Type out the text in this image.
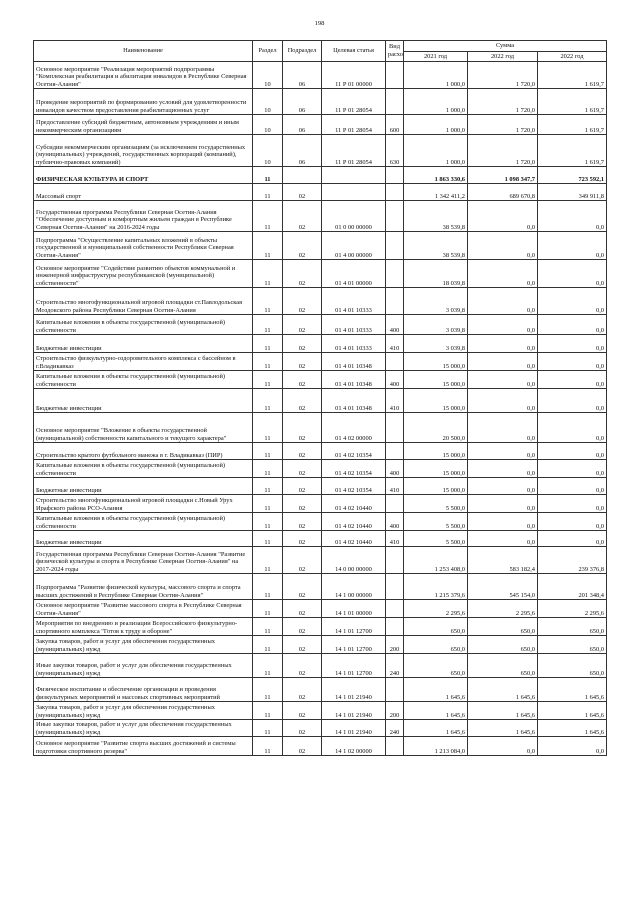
198
Наименование	Раздел	Подраздел	Целевая статья	Вид расхо	Сумма		
					2021 год	2022 год	2022 год
Основное мероприятие "Реализация мероприятий подпрограммы "Комплексная реабилитация и абилитация инвалидов в Республике Северная Осетия-Алания"	10	06	11 Р 01 00000		1 000,0	1 720,0	1 619,7
Проведение мероприятий по формированию условий для удовлетворенности инвалидов качеством предоставления реабилитационных услуг	10	06	11 Р 01 28054		1 000,0	1 720,0	1 619,7
Предоставление субсидий бюджетным, автономным учреждениям и иным некоммерческим организациям	10	06	11 Р 01 28054	600	1 000,0	1 720,0	1 619,7
Субсидии некоммерческим организациям (за исключением государственных (муниципальных) учреждений, государственных корпораций (компаний), публично-правовых компаний)	10	06	11 Р 01 28054	630	1 000,0	1 720,0	1 619,7
ФИЗИЧЕСКАЯ КУЛЬТУРА И СПОРТ	11				1 863 330,6	1 098 347,7	723 592,1
Массовый спорт	11	02			1 342 411,2	689 670,8	349 911,8
Государственная программа Республики Северная Осетия-Алания "Обеспечение доступным и комфортным жильем граждан в Республике Северная Осетия-Алания" на 2016-2024 годы	11	02	01 0 00 00000		38 539,8	0,0	0,0
Подпрограмма "Осуществление капитальных вложений в объекты государственной и муниципальной собственности Республики Северная Осетия-Алания"	11	02	01 4 00 00000		38 539,8	0,0	0,0
Основное мероприятие "Содействие развитию объектов коммунальной и инженерной инфраструктуры республиканской (муниципальной) собственности"	11	02	01 4 01 00000		18 039,8	0,0	0,0
Строительство многофункциональной игровой площадки ст.Павлодольская Моздокского района Республики Северная Осетия-Алания	11	02	01 4 01 10333		3 039,8	0,0	0,0
Капитальные вложения в объекты государственной (муниципальной) собственности	11	02	01 4 01 10333	400	3 039,8	0,0	0,0
Бюджетные инвестиции	11	02	01 4 01 10333	410	3 039,8	0,0	0,0
Строительство физкультурно-оздоровительного комплекса с бассейном в г.Владикавказ	11	02	01 4 01 10348		15 000,0	0,0	0,0
Капитальные вложения в объекты государственной (муниципальной) собственности	11	02	01 4 01 10348	400	15 000,0	0,0	0,0
Бюджетные инвестиции	11	02	01 4 01 10348	410	15 000,0	0,0	0,0
Основное мероприятие "Вложение в объекты государственной (муниципальной) собственности капитального и текущего характера"	11	02	01 4 02 00000		20 500,0	0,0	0,0
Строительство крытого футбольного манежа в г. Владикавказ (ПИР)	11	02	01 4 02 10354		15 000,0	0,0	0,0
Капитальные вложения в объекты государственной (муниципальной) собственности	11	02	01 4 02 10354	400	15 000,0	0,0	0,0
Бюджетные инвестиции	11	02	01 4 02 10354	410	15 000,0	0,0	0,0
Строительство многофункциональной игровой площадки с.Новый Урух Ирафского района РСО-Алания	11	02	01 4 02 10440		5 500,0	0,0	0,0
Капитальные вложения в объекты государственной (муниципальной) собственности	11	02	01 4 02 10440	400	5 500,0	0,0	0,0
Бюджетные инвестиции	11	02	01 4 02 10440	410	5 500,0	0,0	0,0
Государственная программа Республики Северная Осетия-Алания "Развитие физической культуры и спорта в Республике Северная Осетия-Алания" на 2017-2024 годы	11	02	14 0 00 00000		1 253 408,0	583 182,4	239 376,8
Подпрограмма "Развитие физической культуры, массового спорта и спорта высших достижений в Республике Северная Осетия-Алания"	11	02	14 1 00 00000		1 215 379,6	545 154,0	201 348,4
Основное мероприятие "Развитие массового спорта в Республике Северная Осетия-Алания"	11	02	14 1 01 00000		2 295,6	2 295,6	2 295,6
Мероприятия по внедрению и реализации Всероссийского физкультурно-спортивного комплекса "Готов к труду и обороне"	11	02	14 1 01 12700		650,0	650,0	650,0
Закупка товаров, работ и услуг для обеспечения государственных (муниципальных) нужд	11	02	14 1 01 12700	200	650,0	650,0	650,0
Иные закупки товаров, работ и услуг для обеспечения государственных (муниципальных) нужд	11	02	14 1 01 12700	240	650,0	650,0	650,0
Физическое воспитание и обеспечение организации и проведения физкультурных мероприятий и массовых спортивных мероприятий	11	02	14 1 01 21940		1 645,6	1 645,6	1 645,6
Закупка товаров, работ и услуг для обеспечения государственных (муниципальных) нужд	11	02	14 1 01 21940	200	1 645,6	1 645,6	1 645,6
Иные закупки товаров, работ и услуг для обеспечения государственных (муниципальных) нужд	11	02	14 1 01 21940	240	1 645,6	1 645,6	1 645,6
Основное мероприятие "Развитие спорта высших достижений и системы подготовки спортивного резерва"	11	02	14 1 02 00000		1 213 084,0	0,0	0,0
